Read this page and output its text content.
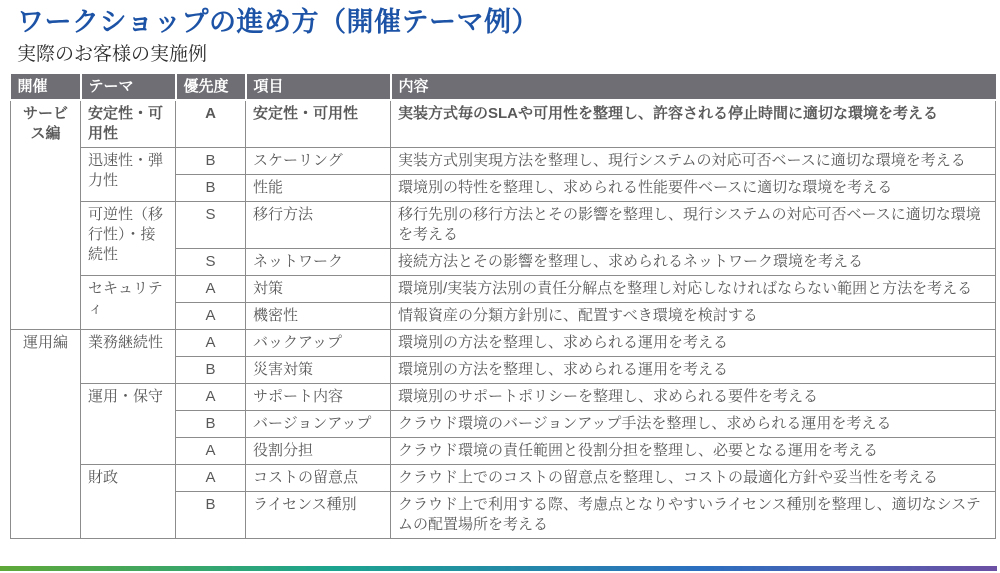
ワークショップの進め方（開催テーマ例）
実際のお客様の実施例
開催	テーマ	優先度	項目	内容
サービス編	安定性・可用性	A	安定性・可用性	実装方式毎のSLAや可用性を整理し、許容される停止時間に適切な環境を考える
	迅速性・弾力性	B	スケーリング	実装方式別実現方法を整理し、現行システムの対応可否ベースに適切な環境を考える
		B	性能	環境別の特性を整理し、求められる性能要件ベースに適切な環境を考える
	可逆性（移行性）・接続性	S	移行方法	移行先別の移行方法とその影響を整理し、現行システムの対応可否ベースに適切な環境を考える
		S	ネットワーク	接続方法とその影響を整理し、求められるネットワーク環境を考える
	セキュリティ	A	対策	環境別/実装方法別の責任分解点を整理し対応しなければならない範囲と方法を考える
		A	機密性	情報資産の分類方針別に、配置すべき環境を検討する
運用編	業務継続性	A	バックアップ	環境別の方法を整理し、求められる運用を考える
		B	災害対策	環境別の方法を整理し、求められる運用を考える
	運用・保守	A	サポート内容	環境別のサポートポリシーを整理し、求められる要件を考える
		B	バージョンアップ	クラウド環境のバージョンアップ手法を整理し、求められる運用を考える
		A	役割分担	クラウド環境の責任範囲と役割分担を整理し、必要となる運用を考える
	財政	A	コストの留意点	クラウド上でのコストの留意点を整理し、コストの最適化方針や妥当性を考える
		B	ライセンス種別	クラウド上で利用する際、考慮点となりやすいライセンス種別を整理し、適切なシステムの配置場所を考える
